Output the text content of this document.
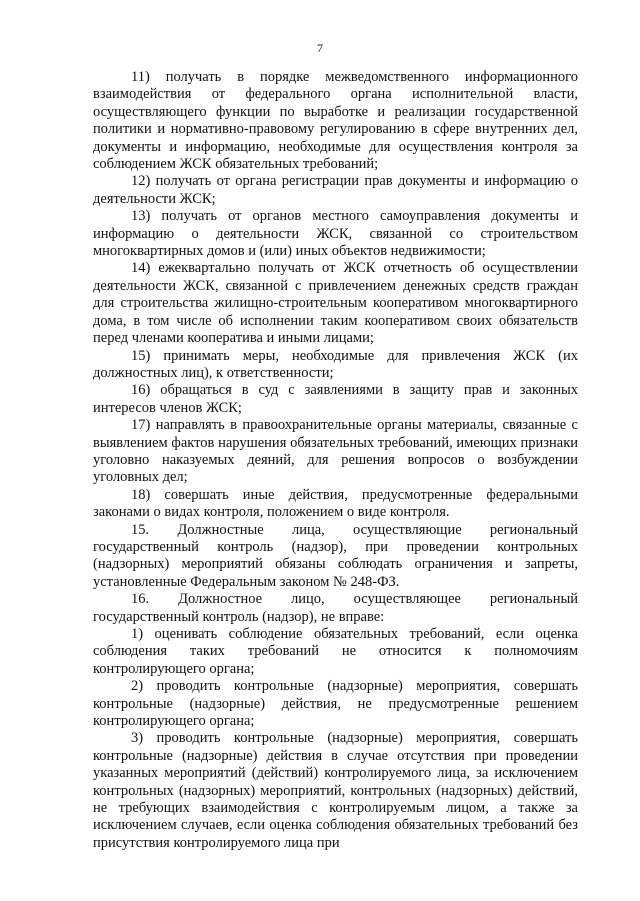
7

11) получать в порядке межведомственного информационного взаимодействия от федерального органа исполнительной власти, осуществляющего функции по выработке и реализации государственной политики и нормативно-правовому регулированию в сфере внутренних дел, документы и информацию, необходимые для осуществления контроля за соблюдением ЖСК обязательных требований;

12) получать от органа регистрации прав документы и информацию о деятельности ЖСК;

13) получать от органов местного самоуправления документы и информацию о деятельности ЖСК, связанной со строительством многоквартирных домов и (или) иных объектов недвижимости;

14) ежеквартально получать от ЖСК отчетность об осуществлении деятельности ЖСК, связанной с привлечением денежных средств граждан для строительства жилищно-строительным кооперативом многоквартирного дома, в том числе об исполнении таким кооперативом своих обязательств перед членами кооператива и иными лицами;

15) принимать меры, необходимые для привлечения ЖСК (их должностных лиц), к ответственности;

16) обращаться в суд с заявлениями в защиту прав и законных интересов членов ЖСК;

17) направлять в правоохранительные органы материалы, связанные с выявлением фактов нарушения обязательных требований, имеющих признаки уголовно наказуемых деяний, для решения вопросов о возбуждении уголовных дел;

18) совершать иные действия, предусмотренные федеральными законами о видах контроля, положением о виде контроля.

15. Должностные лица, осуществляющие региональный государственный контроль (надзор), при проведении контрольных (надзорных) мероприятий обязаны соблюдать ограничения и запреты, установленные Федеральным законом № 248-ФЗ.

16. Должностное лицо, осуществляющее региональный государственный контроль (надзор), не вправе:

1) оценивать соблюдение обязательных требований, если оценка соблюдения таких требований не относится к полномочиям контролирующего органа;

2) проводить контрольные (надзорные) мероприятия, совершать контрольные (надзорные) действия, не предусмотренные решением контролирующего органа;

3) проводить контрольные (надзорные) мероприятия, совершать контрольные (надзорные) действия в случае отсутствия при проведении указанных мероприятий (действий) контролируемого лица, за исключением контрольных (надзорных) мероприятий, контрольных (надзорных) действий, не требующих взаимодействия с контролируемым лицом, а также за исключением случаев, если оценка соблюдения обязательных требований без присутствия контролируемого лица при
